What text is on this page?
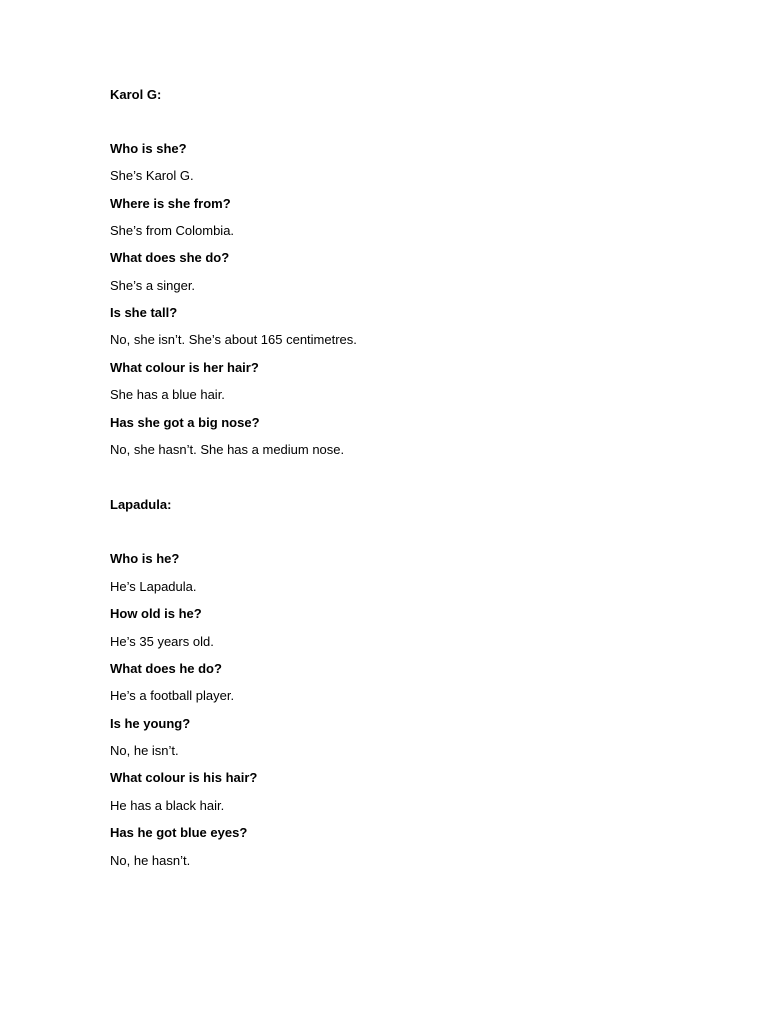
Karol G:
Who is she?
She’s Karol G.
Where is she from?
She’s from Colombia.
What does she do?
She’s a singer.
Is she tall?
No, she isn’t. She’s about 165 centimetres.
What colour is her hair?
She has a blue hair.
Has she got a big nose?
No, she hasn’t. She has a medium nose.
Lapadula:
Who is he?
He’s Lapadula.
How old is he?
He’s 35 years old.
What does he do?
He’s a football player.
Is he young?
No, he isn’t.
What colour is his hair?
He has a black hair.
Has he got blue eyes?
No, he hasn’t.
